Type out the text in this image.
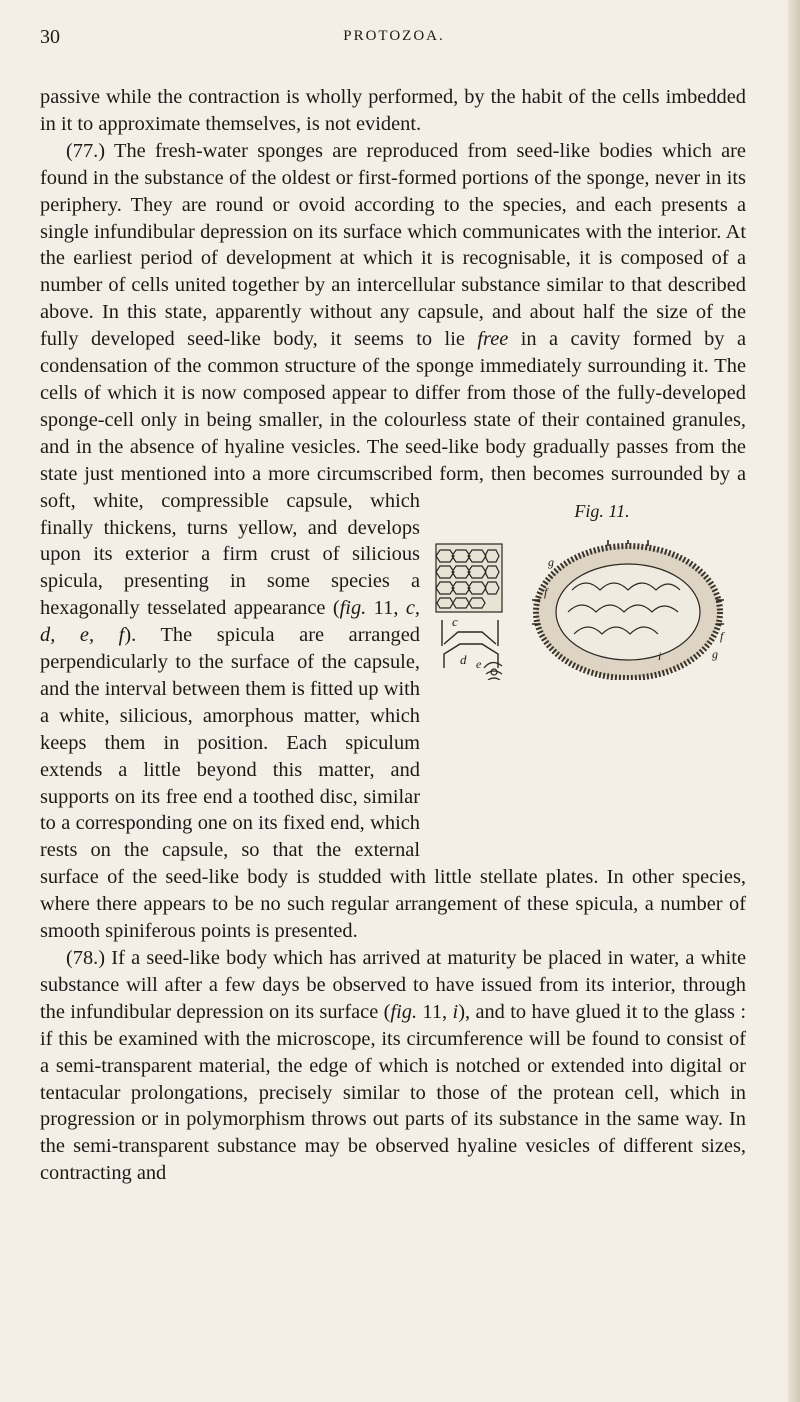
30	PROTOZOA.

passive while the contraction is wholly performed, by the habit of the cells imbedded in it to approximate themselves, is not evident.

(77.) The fresh-water sponges are reproduced from seed-like bodies which are found in the substance of the oldest or first-formed portions of the sponge, never in its periphery. They are round or ovoid according to the species, and each presents a single infundibular depression on its surface which communicates with the interior. At the earliest period of development at which it is recognisable, it is composed of a number of cells united together by an intercellular substance similar to that described above. In this state, apparently without any capsule, and about half the size of the fully developed seed-like body, it seems to lie free in a cavity formed by a condensation of the common structure of the sponge immediately surrounding it. The cells of which it is now composed appear to differ from those of the fully-developed sponge-cell only in being smaller, in the colourless state of their contained granules, and in the absence of hyaline vesicles. The seed-like body gradually passes from the state just mentioned into a more circumscribed form, then becomes surrounded by a soft, white, compressible capsule,	Fig. 11.
c
d e
g
f
f
g
i
which finally thickens, turns yellow, and develops upon its exterior a firm crust of silicious spicula, presenting in some species a hexagonally tesselated appearance (fig. 11, c, d, e, f). The spicula are arranged perpendicularly to the surface of the capsule, and the interval between them is fitted up with a white, silicious, amorphous matter, which keeps them in position. Each spiculum extends a little beyond this matter, and supports on its free end a toothed disc, similar to a corresponding one on its fixed end, which rests on the capsule, so that the external surface of the seed-like body is studded with little stellate plates. In other species, where there appears to be no such regular arrangement of these spicula, a number of smooth spiniferous points is presented.

(78.) If a seed-like body which has arrived at maturity be placed in water, a white substance will after a few days be observed to have issued from its interior, through the infundibular depression on its surface (fig. 11, i), and to have glued it to the glass : if this be examined with the microscope, its circumference will be found to consist of a semi-transparent material, the edge of which is notched or extended into digital or tentacular prolongations, precisely similar to those of the protean cell, which in progression or in polymorphism throws out parts of its substance in the same way. In the semi-transparent substance may be observed hyaline vesicles of different sizes, contracting and
